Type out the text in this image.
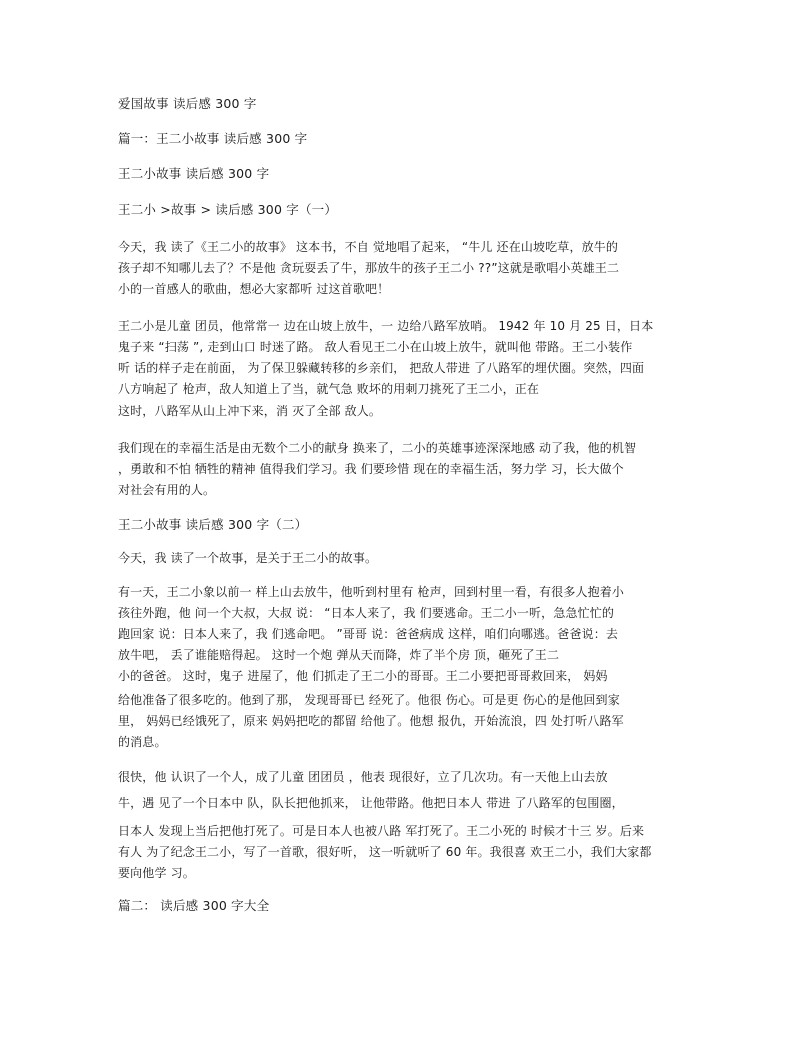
爱国故事 读后感 300 字

篇一：王二小故事 读后感 300 字

王二小故事 读后感 300 字

王二小 >故事 > 读后感 300 字（一）

今天，我 读了《王二小的故事》 这本书，不自 觉地唱了起来， “牛儿 还在山坡吃草，放牛的

孩子却不知哪儿去了？不是他 贪玩耍丢了牛，那放牛的孩子王二小 ??”这就是歌唱小英雄王二

小的一首感人的歌曲，想必大家都听 过这首歌吧！

王二小是儿童 团员，他常常一 边在山坡上放牛，一 边给八路军放哨。 1942 年 10 月 25 日，日本

鬼子来 “扫荡 ”, 走到山口 时迷了路。 敌人看见王二小在山坡上放牛，就叫他 带路。王二小装作

听 话的样子走在前面， 为了保卫躲藏转移的乡亲们， 把敌人带进 了八路军的埋伏圈。突然，四面

八方响起了 枪声，敌人知道上了当，就气急 败坏的用刺刀挑死了王二小，正在

这时，八路军从山上冲下来，消 灭了全部 敌人。

我们现在的幸福生活是由无数个二小的献身 换来了，二小的英雄事迹深深地感 动了我，他的机智

，勇敢和不怕 牺牲的精神 值得我们学习。我 们要珍惜 现在的幸福生活，努力学 习，长大做个

对社会有用的人。

王二小故事 读后感 300 字（二）

今天，我 读了一个故事，是关于王二小的故事。

有一天，王二小象以前一 样上山去放牛，他听到村里有 枪声，回到村里一看，有很多人抱着小

孩往外跑，他 问一个大叔，大叔 说： “日本人来了，我 们要逃命。王二小一听，急急忙忙的

跑回家 说：日本人来了，我 们逃命吧。 ”哥哥 说：爸爸病成 这样，咱们向哪逃。爸爸说：去

放牛吧， 丢了谁能赔得起。 这时一个炮 弹从天而降，炸了半个房 顶，砸死了王二

小的爸爸。 这时，鬼子 进屋了，他 们抓走了王二小的哥哥。王二小要把哥哥救回来， 妈妈

给他准备了很多吃的。他到了那， 发现哥哥已 经死了。他很 伤心。可是更 伤心的是他回到家

里， 妈妈已经饿死了，原来 妈妈把吃的都留 给他了。他想 报仇，开始流浪，四 处打听八路军

的消息。

很快，他 认识了一个人，成了儿童 团团员 ，他表 现很好，立了几次功。有一天他上山去放

牛，遇 见了一个日本中 队，队长把他抓来， 让他带路。他把日本人 带进 了八路军的包围圈，

日本人 发现上当后把他打死了。可是日本人也被八路 军打死了。王二小死的 时候才十三 岁。后来

有人 为了纪念王二小，写了一首歌，很好听， 这一听就听了 60 年。我很喜 欢王二小，我们大家都

要向他学 习。

篇二： 读后感 300 字大全
